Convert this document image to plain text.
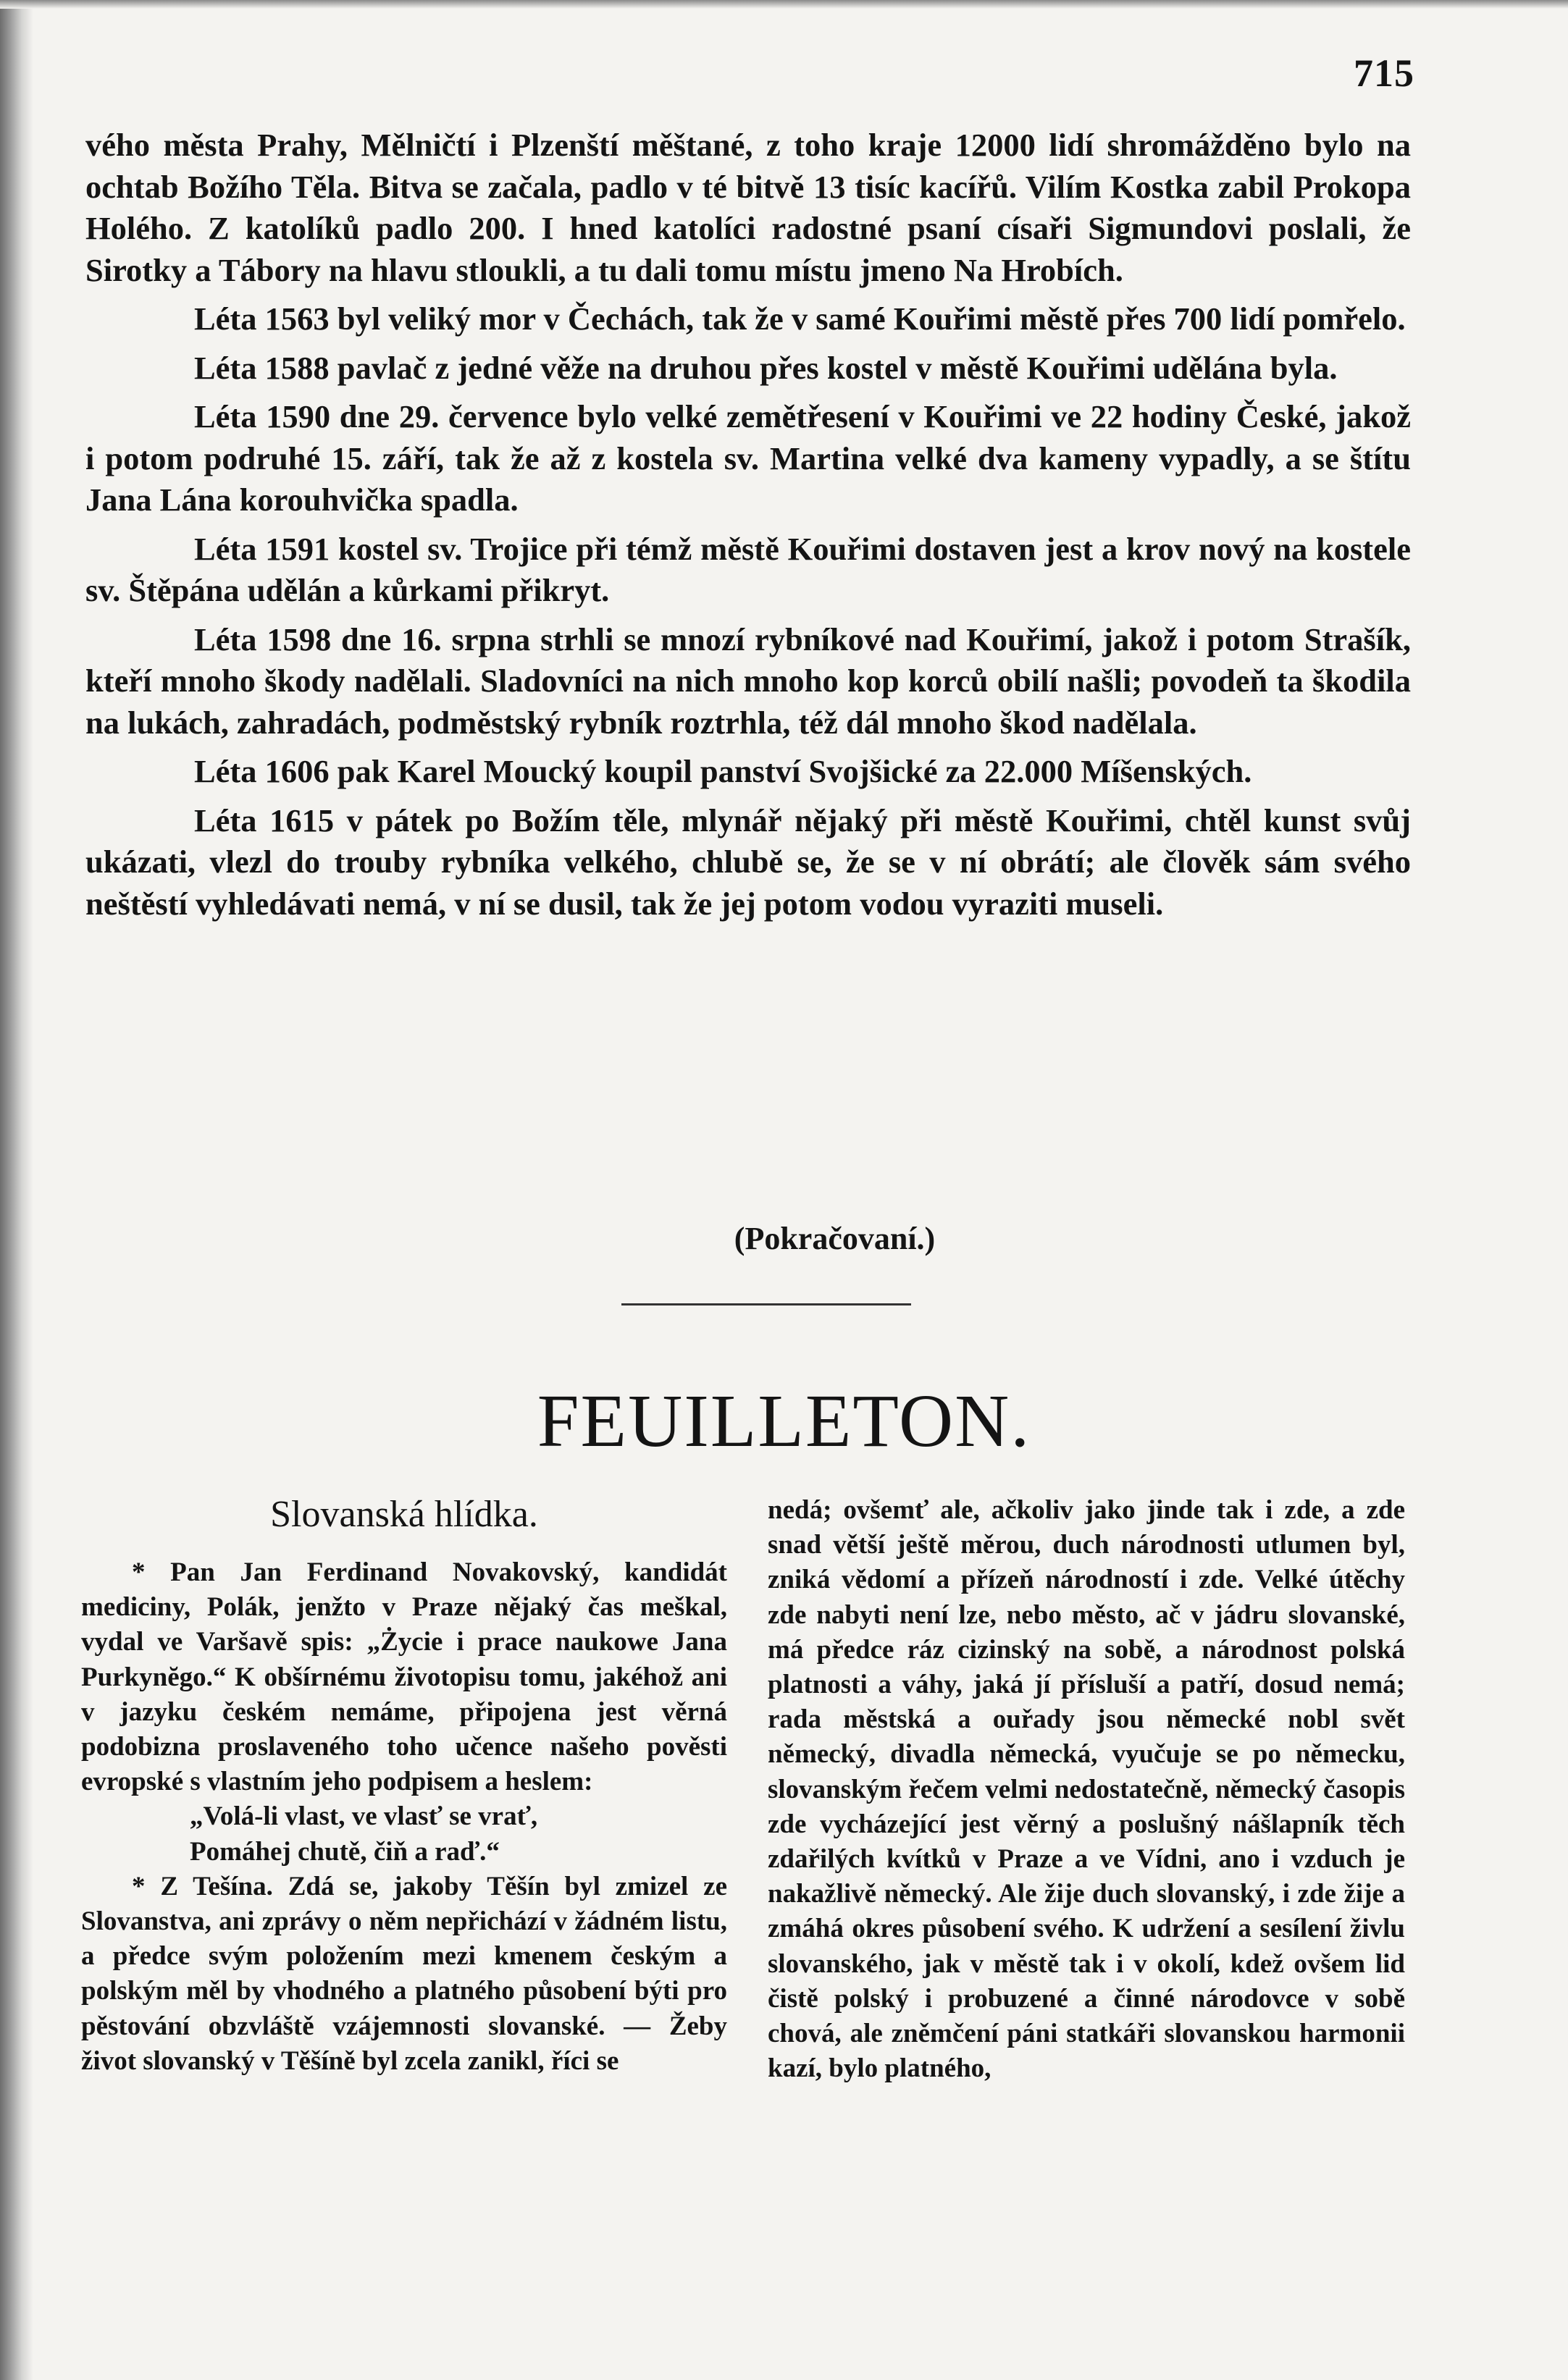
715

vého města Prahy, Mělničtí i Plzenští měštané, z toho kraje 12000 lidí shromážděno bylo na ochtab Božího Těla. Bitva se začala, padlo v té bitvě 13 tisíc kacířů. Vilím Kostka zabil Prokopa Holého. Z katolíků padlo 200. I hned katolíci radostné psaní císaři Sigmundovi poslali, že Sirotky a Tábory na hlavu stloukli, a tu dali tomu místu jmeno Na Hrobích.

Léta 1563 byl veliký mor v Čechách, tak že v samé Kouřimi městě přes 700 lidí pomřelo.

Léta 1588 pavlač z jedné věže na druhou přes kostel v městě Kouřimi udělána byla.

Léta 1590 dne 29. července bylo velké zemětřesení v Kouřimi ve 22 hodiny České, jakož i potom podruhé 15. září, tak že až z kostela sv. Martina velké dva kameny vypadly, a se štítu Jana Lána korouhvička spadla.

Léta 1591 kostel sv. Trojice při témž městě Kouřimi dostaven jest a krov nový na kostele sv. Štěpána udělán a kůrkami přikryt.

Léta 1598 dne 16. srpna strhli se mnozí rybníkové nad Kouřimí, jakož i potom Strašík, kteří mnoho škody nadělali. Sladovníci na nich mnoho kop korců obilí našli; povodeň ta škodila na lukách, zahradách, podměstský rybník roztrhla, též dál mnoho škod nadělala.

Léta 1606 pak Karel Moucký koupil panství Svojšické za 22.000 Míšenských.

Léta 1615 v pátek po Božím těle, mlynář nějaký při městě Kouřimi, chtěl kunst svůj ukázati, vlezl do trouby rybníka velkého, chlubě se, že se v ní obrátí; ale člověk sám svého neštěstí vyhledávati nemá, v ní se dusil, tak že jej potom vodou vyraziti museli.

(Pokračovaní.)
FEUILLETON.

Slovanská hlídka.

* Pan Jan Ferdinand Novakovský, kandidát mediciny, Polák, jenžto v Praze nějaký čas meškal, vydal ve Varšavě spis: „Życie i prace naukowe Jana Purkynĕgo.“ K obšírnému životopisu tomu, jakéhož ani v jazyku českém nemáme, připojena jest věrná podobizna proslaveného toho učence našeho pověsti evropské s vlastním jeho podpisem a heslem:

„Volá-li vlast, ve vlasť se vrať,

Pomáhej chutě, čiň a raď.“

* Z Tešína. Zdá se, jakoby Těšín byl zmizel ze Slovanstva, ani zprávy o něm nepřichází v žádném listu, a předce svým položením mezi kmenem českým a polským měl by vhodného a platného působení býti pro pěstování obzvláště vzájemnosti slovanské. — Žeby život slovanský v Těšíně byl zcela zanikl, říci se

nedá; ovšemť ale, ačkoliv jako jinde tak i zde, a zde snad větší ještě měrou, duch národnosti utlumen byl, zniká vědomí a přízeň národností i zde. Velké útěchy zde nabyti není lze, nebo město, ač v jádru slovanské, má předce ráz cizinský na sobě, a národnost polská platnosti a váhy, jaká jí přísluší a patří, dosud nemá; rada městská a ouřady jsou německé nobl svět německý, divadla německá, vyučuje se po německu, slovanským řečem velmi nedostatečně, německý časopis zde vycházející jest věrný a poslušný nášlapník těch zdařilých kvítků v Praze a ve Vídni, ano i vzduch je nakažlivě německý. Ale žije duch slovanský, i zde žije a zmáhá okres působení svého. K udržení a sesílení živlu slovanského, jak v městě tak i v okolí, kdež ovšem lid čistě polský i probuzené a činné národovce v sobě chová, ale zněmčení páni statkáři slovanskou harmonii kazí, bylo platného,
